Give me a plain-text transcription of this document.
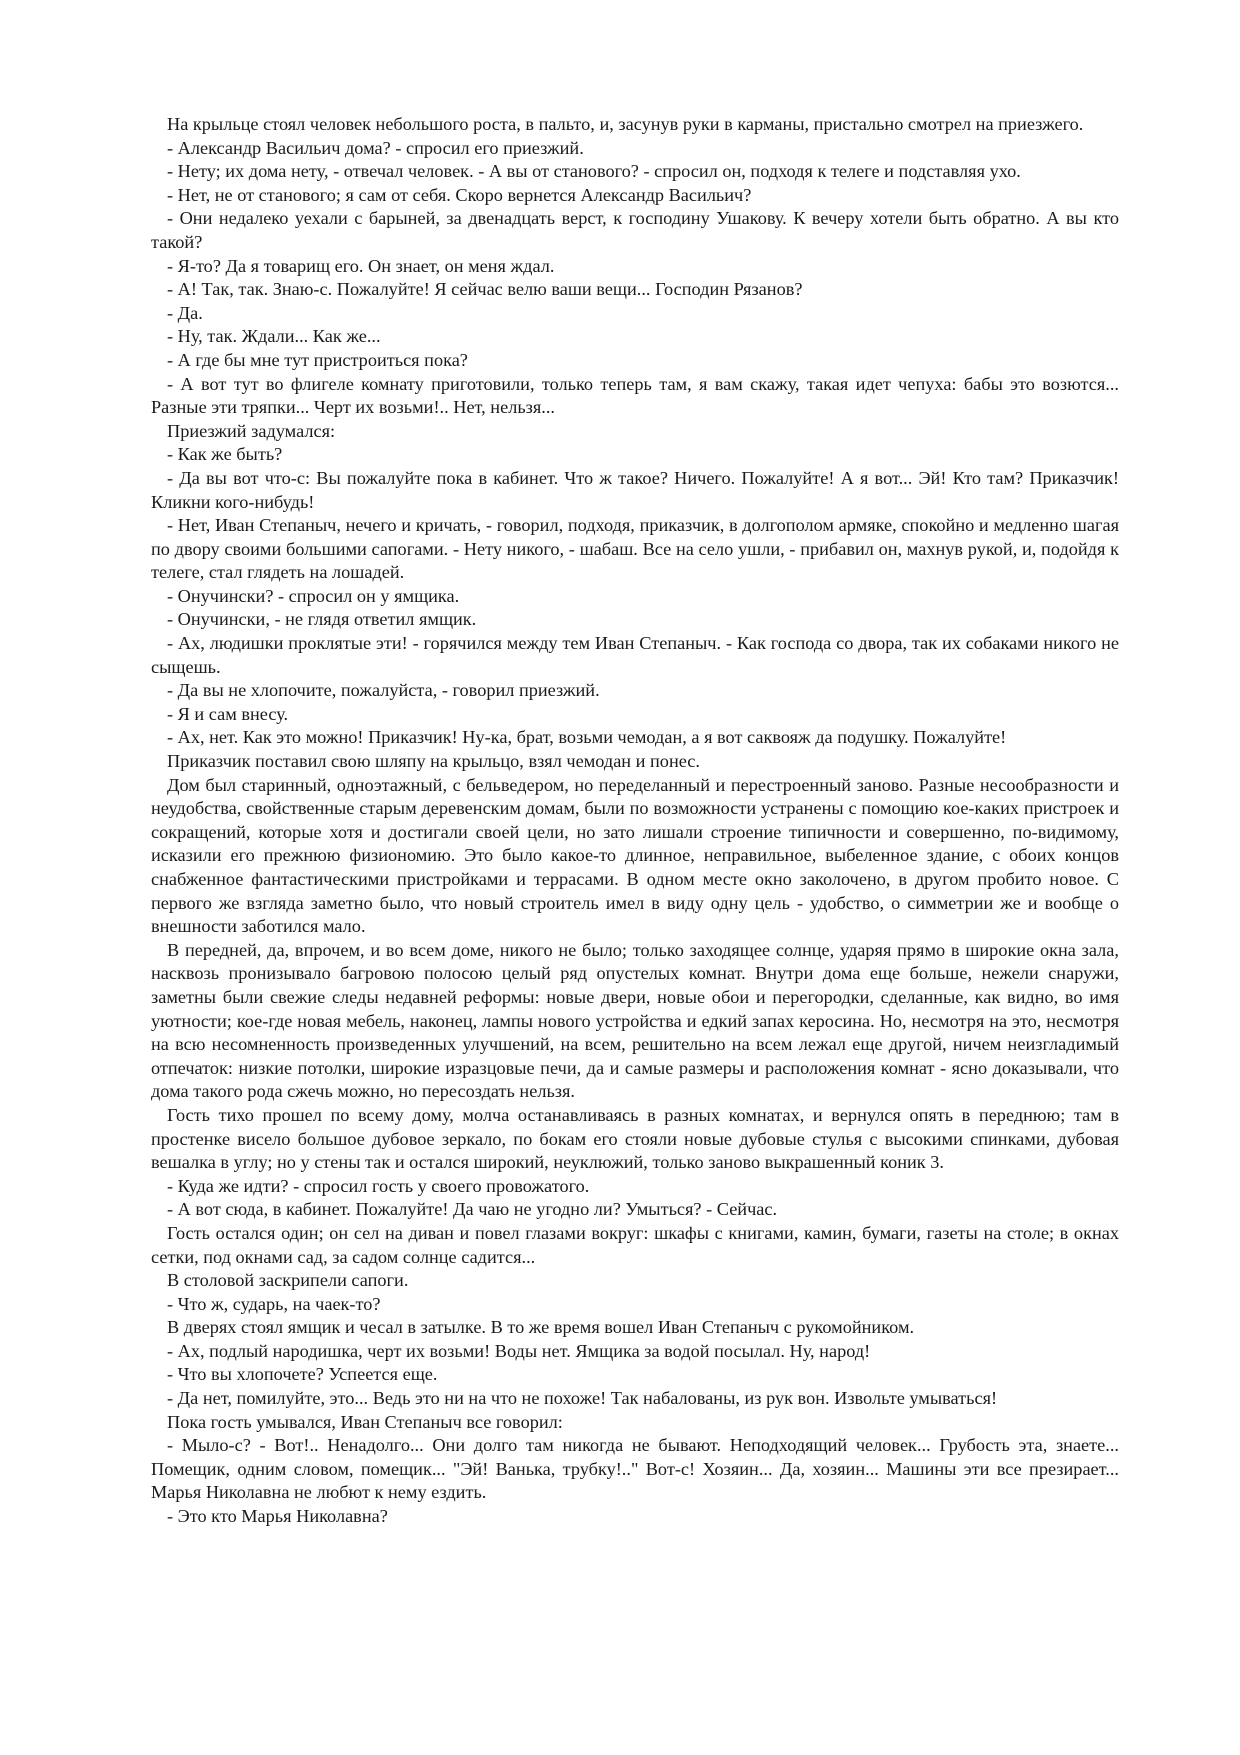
На крыльце стоял человек небольшого роста, в пальто, и, засунув руки в карманы, пристально смотрел на приезжего.

- Александр Васильич дома? - спросил его приезжий.

- Нету; их дома нету, - отвечал человек. - А вы от станового? - спросил он, подходя к телеге и подставляя ухо.

- Нет, не от станового; я сам от себя. Скоро вернется Александр Васильич?

- Они недалеко уехали с барыней, за двенадцать верст, к господину Ушакову. К вечеру хотели быть обратно. А вы кто такой?

- Я-то? Да я товарищ его. Он знает, он меня ждал.

- А! Так, так. Знаю-с. Пожалуйте! Я сейчас велю ваши вещи... Господин Рязанов?

- Да.

- Ну, так. Ждали... Как же...

- А где бы мне тут пристроиться пока?

- А вот тут во флигеле комнату приготовили, только теперь там, я вам скажу, такая идет чепуха: бабы это возются... Разные эти тряпки... Черт их возьми!.. Нет, нельзя...

Приезжий задумался:

- Как же быть?

- Да вы вот что-с: Вы пожалуйте пока в кабинет. Что ж такое? Ничего. Пожалуйте! А я вот... Эй! Кто там? Приказчик! Кликни кого-нибудь!

- Нет, Иван Степаныч, нечего и кричать, - говорил, подходя, приказчик, в долгополом армяке, спокойно и медленно шагая по двору своими большими сапогами. - Нету никого, - шабаш. Все на село ушли, - прибавил он, махнув рукой, и, подойдя к телеге, стал глядеть на лошадей.

- Онучински? - спросил он у ямщика.

- Онучински, - не глядя ответил ямщик.

- Ах, людишки проклятые эти! - горячился между тем Иван Степаныч. - Как господа со двора, так их собаками никого не сыщешь.

- Да вы не хлопочите, пожалуйста, - говорил приезжий.

- Я и сам внесу.

- Ах, нет. Как это можно! Приказчик! Ну-ка, брат, возьми чемодан, а я вот саквояж да подушку. Пожалуйте!

Приказчик поставил свою шляпу на крыльцо, взял чемодан и понес.

Дом был старинный, одноэтажный, с бельведером, но переделанный и перестроенный заново. Разные несообразности и неудобства, свойственные старым деревенским домам, были по возможности устранены с помощию кое-каких пристроек и сокращений, которые хотя и достигали своей цели, но зато лишали строение типичности и совершенно, по-видимому, исказили его прежнюю физиономию. Это было какое-то длинное, неправильное, выбеленное здание, с обоих концов снабженное фантастическими пристройками и террасами. В одном месте окно заколочено, в другом пробито новое. С первого же взгляда заметно было, что новый строитель имел в виду одну цель - удобство, о симметрии же и вообще о внешности заботился мало.

В передней, да, впрочем, и во всем доме, никого не было; только заходящее солнце, ударяя прямо в широкие окна зала, насквозь пронизывало багровою полосою целый ряд опустелых комнат. Внутри дома еще больше, нежели снаружи, заметны были свежие следы недавней реформы: новые двери, новые обои и перегородки, сделанные, как видно, во имя уютности; кое-где новая мебель, наконец, лампы нового устройства и едкий запах керосина. Но, несмотря на это, несмотря на всю несомненность произведенных улучшений, на всем, решительно на всем лежал еще другой, ничем неизгладимый отпечаток: низкие потолки, широкие изразцовые печи, да и самые размеры и расположения комнат - ясно доказывали, что дома такого рода сжечь можно, но пересоздать нельзя.

Гость тихо прошел по всему дому, молча останавливаясь в разных комнатах, и вернулся опять в переднюю; там в простенке висело большое дубовое зеркало, по бокам его стояли новые дубовые стулья с высокими спинками, дубовая вешалка в углу; но у стены так и остался широкий, неуклюжий, только заново выкрашенный коник 3.

- Куда же идти? - спросил гость у своего провожатого.

- А вот сюда, в кабинет. Пожалуйте! Да чаю не угодно ли? Умыться? - Сейчас.

Гость остался один; он сел на диван и повел глазами вокруг: шкафы с книгами, камин, бумаги, газеты на столе; в окнах сетки, под окнами сад, за садом солнце садится...

В столовой заскрипели сапоги.

- Что ж, сударь, на чаек-то?

В дверях стоял ямщик и чесал в затылке. В то же время вошел Иван Степаныч с рукомойником.

- Ах, подлый народишка, черт их возьми! Воды нет. Ямщика за водой посылал. Ну, народ!

- Что вы хлопочете? Успеется еще.

- Да нет, помилуйте, это... Ведь это ни на что не похоже! Так набалованы, из рук вон. Извольте умываться!

Пока гость умывался, Иван Степаныч все говорил:

- Мыло-с? - Вот!.. Ненадолго... Они долго там никогда не бывают. Неподходящий человек... Грубость эта, знаете... Помещик, одним словом, помещик... "Эй! Ванька, трубку!.." Вот-с! Хозяин... Да, хозяин... Машины эти все презирает... Марья Николавна не любют к нему ездить.

- Это кто Марья Николавна?
